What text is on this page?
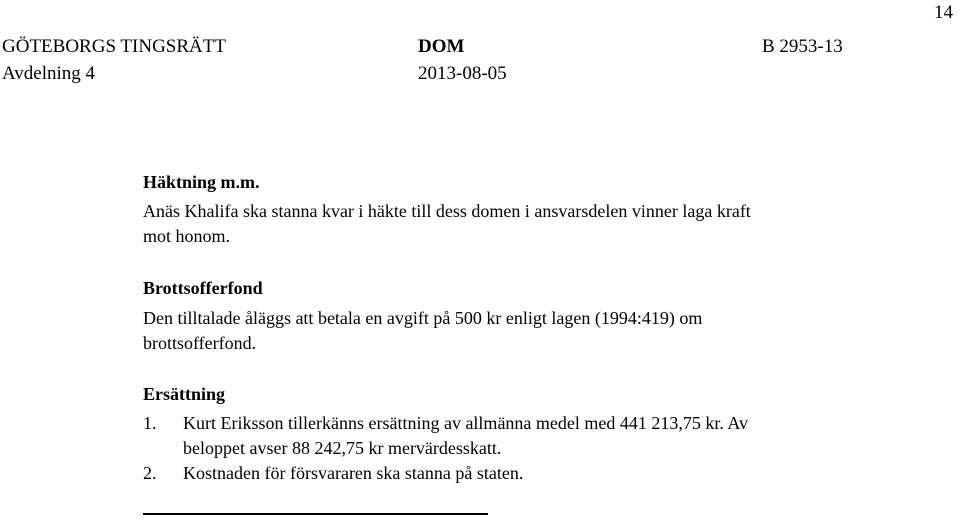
14
GÖTEBORGS TINGSRÄTT
Avdelning 4
DOM
2013-08-05
B 2953-13
Häktning m.m.
Anäs Khalifa ska stanna kvar i häkte till dess domen i ansvarsdelen vinner laga kraft
mot honom.
Brottsofferfond
Den tilltalade åläggs att betala en avgift på 500 kr enligt lagen (1994:419) om
brottsofferfond.
Ersättning
1. Kurt Eriksson tillerkänns ersättning av allmänna medel med 441 213,75 kr. Av
beloppet avser 88 242,75 kr mervärdesskatt.
2. Kostnaden för försvararen ska stanna på staten.
